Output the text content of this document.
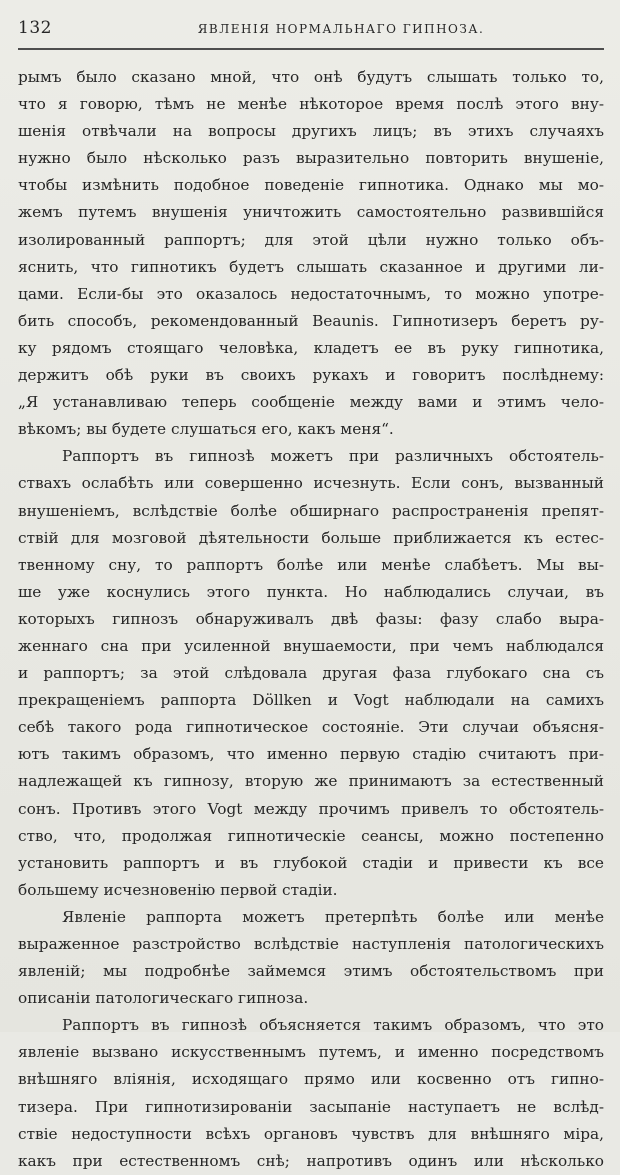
132	ЯВЛЕНІЯ НОРМАЛЬНАГО ГИПНОЗА.
рымъ было сказано мной, что онѣ будутъ слышать только то,
что я говорю, тѣмъ не менѣе нѣкоторое время послѣ этого вну-
шенія отвѣчали на вопросы другихъ лицъ; въ этихъ случаяхъ
нужно было нѣсколько разъ выразительно повторить внушеніе,
чтобы измѣнить подобное поведеніе гипнотика. Однако мы мо-
жемъ путемъ внушенія уничтожить самостоятельно развившійся
изолированный раппортъ; для этой цѣли нужно только объ-
яснить, что гипнотикъ будетъ слышать сказанное и другими ли-
цами. Если-бы это оказалось недостаточнымъ, то можно употре-
бить способъ, рекомендованный Beaunis. Гипнотизеръ беретъ ру-
ку рядомъ стоящаго человѣка, кладетъ ее въ руку гипнотика,
держитъ обѣ руки въ своихъ рукахъ и говоритъ послѣднему:
„Я устанавливаю теперь сообщеніе между вами и этимъ чело-
вѣкомъ; вы будете слушаться его, какъ меня“.
Раппортъ въ гипнозѣ можетъ при различныхъ обстоятель-
ствахъ ослабѣть или совершенно исчезнуть. Если сонъ, вызванный
внушеніемъ, вслѣдствіе болѣе обширнаго распространенія препят-
ствій для мозговой дѣятельности больше приближается къ естес-
твенному сну, то раппортъ болѣе или менѣе слабѣетъ. Мы вы-
ше уже коснулись этого пункта. Но наблюдались случаи, въ
которыхъ гипнозъ обнаруживалъ двѣ фазы: фазу слабо выра-
женнаго сна при усиленной внушаемости, при чемъ наблюдался
и раппортъ; за этой слѣдовала другая фаза глубокаго сна съ
прекращеніемъ раппорта Döllken и Vogt наблюдали на самихъ
себѣ такого рода гипнотическое состояніе. Эти случаи объясня-
ютъ такимъ образомъ, что именно первую стадію считаютъ при-
надлежащей къ гипнозу, вторую же принимаютъ за естественный
сонъ. Противъ этого Vogt между прочимъ привелъ то обстоятель-
ство, что, продолжая гипнотическіе сеансы, можно постепенно
установить раппортъ и въ глубокой стадіи и привести къ все
большему исчезновенію первой стадіи.
Явленіе раппорта можетъ претерпѣть болѣе или менѣе
выраженное разстройство вслѣдствіе наступленія патологическихъ
явленій; мы подробнѣе займемся этимъ обстоятельствомъ при
описаніи патологическаго гипноза.
Раппортъ въ гипнозѣ объясняется такимъ образомъ, что это
явленіе вызвано искусственнымъ путемъ, и именно посредствомъ
внѣшняго вліянія, исходящаго прямо или косвенно отъ гипно-
тизера. При гипнотизированіи засыпаніе наступаетъ не вслѣд-
ствіе недоступности всѣхъ органовъ чувствъ для внѣшняго міра,
какъ при естественномъ снѣ; напротивъ одинъ или нѣсколько
